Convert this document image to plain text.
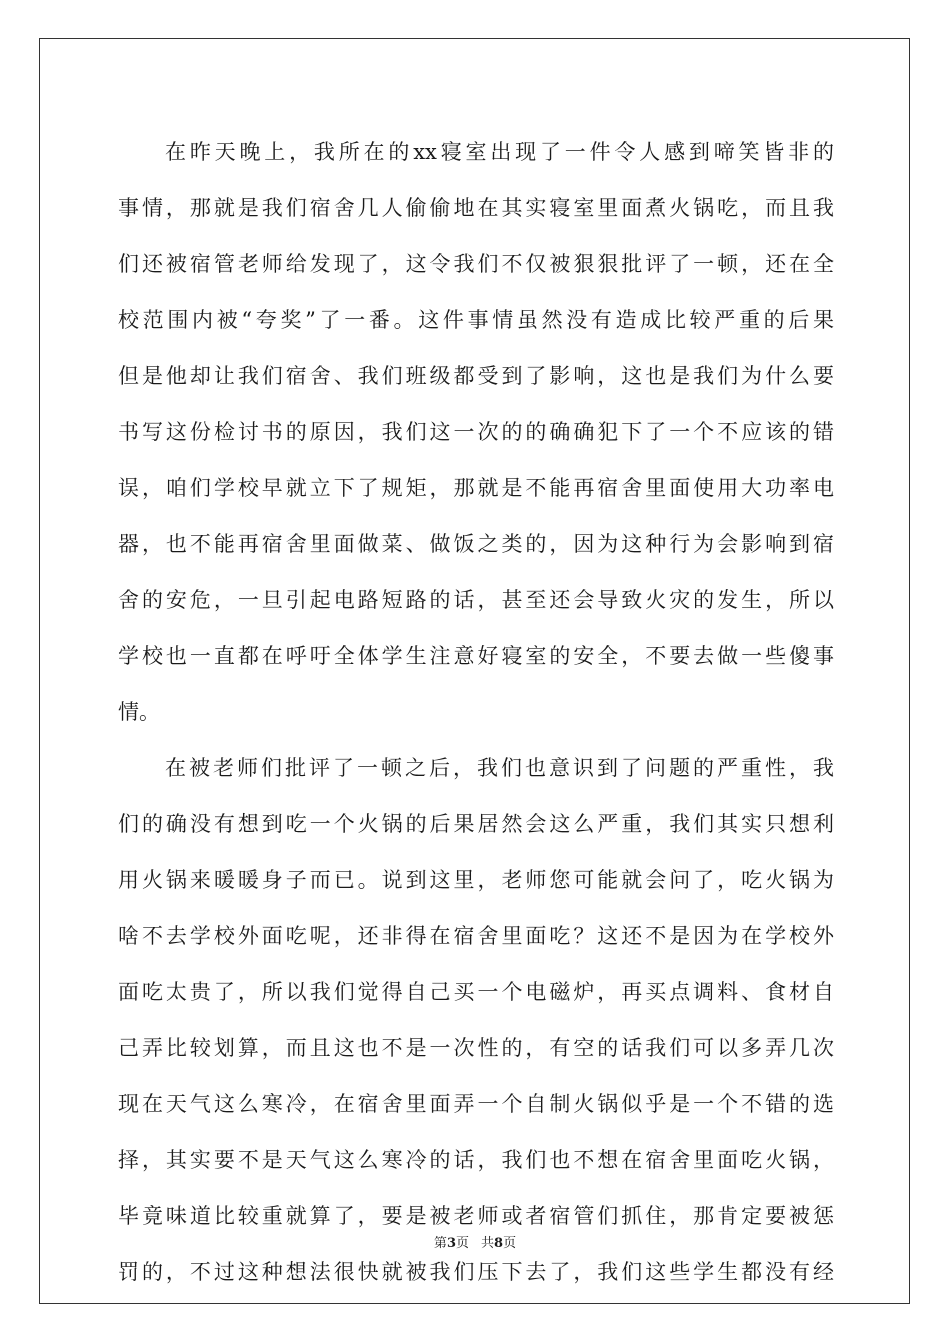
在昨天晚上，我所在的xx寝室出现了一件令人感到啼笑皆非的
事情，那就是我们宿舍几人偷偷地在其实寝室里面煮火锅吃，而且我
们还被宿管老师给发现了，这令我们不仅被狠狠批评了一顿，还在全
校范围内被“夸奖”了一番。这件事情虽然没有造成比较严重的后果
但是他却让我们宿舍、我们班级都受到了影响，这也是我们为什么要
书写这份检讨书的原因，我们这一次的的确确犯下了一个不应该的错
误，咱们学校早就立下了规矩，那就是不能再宿舍里面使用大功率电
器，也不能再宿舍里面做菜、做饭之类的，因为这种行为会影响到宿
舍的安危，一旦引起电路短路的话，甚至还会导致火灾的发生，所以
学校也一直都在呼吁全体学生注意好寝室的安全，不要去做一些傻事
情。
在被老师们批评了一顿之后，我们也意识到了问题的严重性，我
们的确没有想到吃一个火锅的后果居然会这么严重，我们其实只想利
用火锅来暖暖身子而已。说到这里，老师您可能就会问了，吃火锅为
啥不去学校外面吃呢，还非得在宿舍里面吃？这还不是因为在学校外
面吃太贵了，所以我们觉得自己买一个电磁炉，再买点调料、食材自
己弄比较划算，而且这也不是一次性的，有空的话我们可以多弄几次
现在天气这么寒冷，在宿舍里面弄一个自制火锅似乎是一个不错的选
择，其实要不是天气这么寒冷的话，我们也不想在宿舍里面吃火锅，
毕竟味道比较重就算了，要是被老师或者宿管们抓住，那肯定要被惩
罚的，不过这种想法很快就被我们压下去了，我们这些学生都没有经
第3页 共8页
